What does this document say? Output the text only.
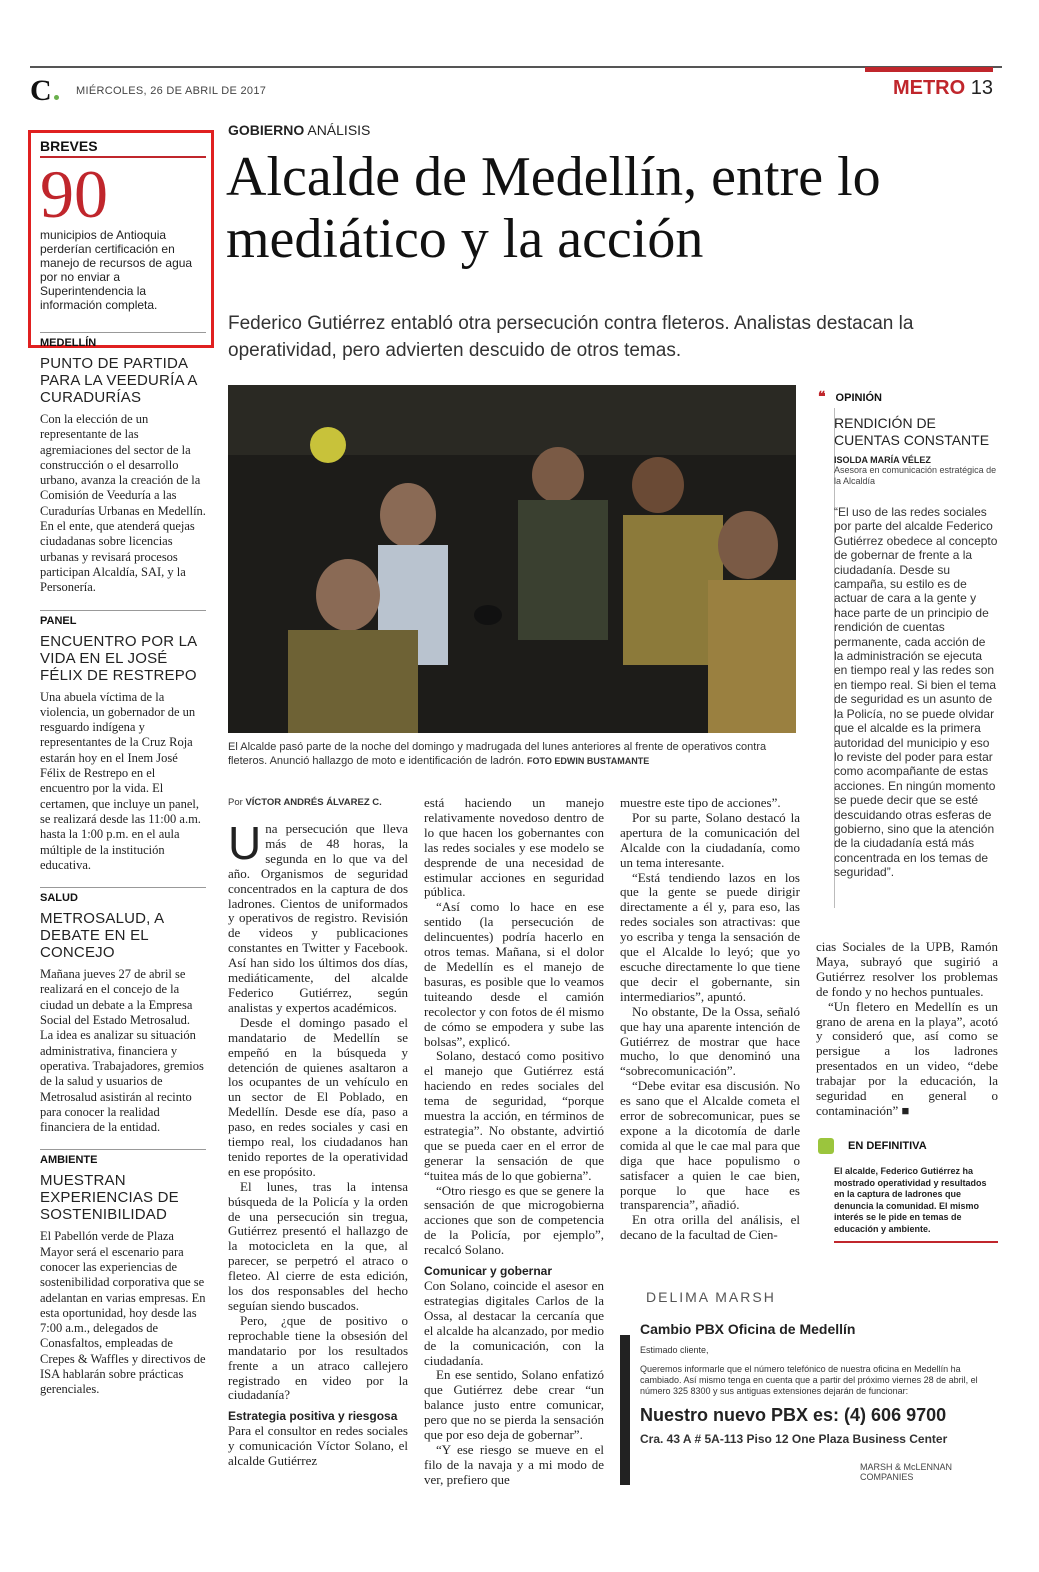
C	MIÉRCOLES, 26 DE ABRIL DE 2017	METRO 13
BREVES
90
municipios de Antioquia perderían certificación en manejo de recursos de agua por no enviar a Superintendencia la información completa.
MEDELLÍN
PUNTO DE PARTIDA PARA LA VEEDURÍA A CURADURÍAS
Con la elección de un representante de las agremiaciones del sector de la construcción o el desarrollo urbano, avanza la creación de la Comisión de Veeduría a las Curadurías Urbanas en Medellín. En el ente, que atenderá quejas ciudadanas sobre licencias urbanas y revisará procesos participan Alcaldía, SAI, y la Personería.
PANEL
ENCUENTRO POR LA VIDA EN EL JOSÉ FÉLIX DE RESTREPO
Una abuela víctima de la violencia, un gobernador de un resguardo indígena y representantes de la Cruz Roja estarán hoy en el Inem José Félix de Restrepo en el encuentro por la vida. El certamen, que incluye un panel, se realizará desde las 11:00 a.m. hasta la 1:00 p.m. en el aula múltiple de la institución educativa.
SALUD
METROSALUD, A DEBATE EN EL CONCEJO
Mañana jueves 27 de abril se realizará en el concejo de la ciudad un debate a la Empresa Social del Estado Metrosalud. La idea es analizar su situación administrativa, financiera y operativa. Trabajadores, gremios de la salud y usuarios de Metrosalud asistirán al recinto para conocer la realidad financiera de la entidad.
AMBIENTE
MUESTRAN EXPERIENCIAS DE SOSTENIBILIDAD
El Pabellón verde de Plaza Mayor será el escenario para conocer las experiencias de sostenibilidad corporativa que se adelantan en varias empresas. En esta oportunidad, hoy desde las 7:00 a.m., delegados de Conasfaltos, empleadas de Crepes & Waffles y directivos de ISA hablarán sobre prácticas gerenciales.
GOBIERNO ANÁLISIS
Alcalde de Medellín, entre lo mediático y la acción
Federico Gutiérrez entabló otra persecución contra fleteros. Analistas destacan la operatividad, pero advierten descuido de otros temas.
El Alcalde pasó parte de la noche del domingo y madrugada del lunes anteriores al frente de operativos contra fleteros. Anunció hallazgo de moto e identificación de ladrón. FOTO EDWIN BUSTAMANTE
Por VÍCTOR ANDRÉS ÁLVAREZ C.

Una persecución que lleva más de 48 horas, la segunda en lo que va del año. Organismos de seguridad concentrados en la captura de dos ladrones. Cientos de uniformados y operativos de registro. Revisión de videos y publicaciones constantes en Twitter y Facebook. Así han sido los últimos dos días, mediáticamente, del alcalde Federico Gutiérrez, según analistas y expertos académicos.

Desde el domingo pasado el mandatario de Medellín se empeñó en la búsqueda y detención de quienes asaltaron a los ocupantes de un vehículo en un sector de El Poblado, en Medellín. Desde ese día, paso a paso, en redes sociales y casi en tiempo real, los ciudadanos han tenido reportes de la operatividad en ese propósito.

El lunes, tras la intensa búsqueda de la Policía y la orden de una persecución sin tregua, Gutiérrez presentó el hallazgo de la motocicleta en la que, al parecer, se perpetró el atraco o fleteo. Al cierre de esta edición, los dos responsables del hecho seguían siendo buscados.

Pero, ¿que de positivo o reprochable tiene la obsesión del mandatario por los resultados frente a un atraco callejero registrado en video por la ciudadanía?

Estrategia positiva y riesgosa

Para el consultor en redes sociales y comunicación Víctor Solano, el alcalde Gutiérrez

está haciendo un manejo relativamente novedoso dentro de lo que hacen los gobernantes con las redes sociales y ese modelo se desprende de una necesidad de estimular acciones en seguridad pública.

“Así como lo hace en ese sentido (la persecución de delincuentes) podría hacerlo en otros temas. Mañana, si el dolor de Medellín es el manejo de basuras, es posible que lo veamos tuiteando desde el camión recolector y con fotos de él mismo de cómo se empodera y sube las bolsas”, explicó.

Solano, destacó como positivo el manejo que Gutiérrez está haciendo en redes sociales del tema de seguridad, “porque muestra la acción, en términos de estrategia”. No obstante, advirtió que se pueda caer en el error de generar la sensación de que “tuitea más de lo que gobierna”.

“Otro riesgo es que se genere la sensación de que microgobierna acciones que son de competencia de la Policía, por ejemplo”, recalcó Solano.

Comunicar y gobernar

Con Solano, coincide el asesor en estrategias digitales Carlos de la Ossa, al destacar la cercanía que el alcalde ha alcanzado, por medio de la comunicación, con la ciudadanía.

En ese sentido, Solano enfatizó que Gutiérrez debe crear “un balance justo entre comunicar, pero que no se pierda la sensación que por eso deja de gobernar”.

“Y ese riesgo se mueve en el filo de la navaja y a mi modo de ver, prefiero que

muestre este tipo de acciones”.

Por su parte, Solano destacó la apertura de la comunicación del Alcalde con la ciudadanía, como un tema interesante.

“Está tendiendo lazos en los que la gente se puede dirigir directamente a él y, para eso, las redes sociales son atractivas: que yo escriba y tenga la sensación de que el Alcalde lo leyó; que yo escuche directamente lo que tiene que decir el gobernante, sin intermediarios”, apuntó.

No obstante, De la Ossa, señaló que hay una aparente intención de Gutiérrez de mostrar que hace mucho, lo que denominó una “sobrecomunicación”.

“Debe evitar esa discusión. No es sano que el Alcalde cometa el error de sobrecomunicar, pues se expone a la dicotomía de darle comida al que le cae mal para que diga que hace populismo o satisfacer a quien le cae bien, porque lo que hace es transparencia”, añadió.

En otra orilla del análisis, el decano de la facultad de Cien-

cias Sociales de la UPB, Ramón Maya, subrayó que sugirió a Gutiérrez resolver los problemas de fondo y no hechos puntuales.

“Un fletero en Medellín es un grano de arena en la playa”, acotó y consideró que, así como se persigue a los ladrones presentados en un video, “debe trabajar por la educación, la seguridad en general o contaminación” ■

❝ OPINIÓN
RENDICIÓN DE CUENTAS CONSTANTE
ISOLDA MARÍA VÉLEZ
Asesora en comunicación estratégica de la Alcaldía
“El uso de las redes sociales por parte del alcalde Federico Gutiérrez obedece al concepto de gobernar de frente a la ciudadanía. Desde su campaña, su estilo es de actuar de cara a la gente y hace parte de un principio de rendición de cuentas permanente, cada acción de la administración se ejecuta en tiempo real y las redes son en tiempo real. Si bien el tema de seguridad es un asunto de la Policía, no se puede olvidar que el alcalde es la primera autoridad del municipio y eso lo reviste del poder para estar como acompañante de estas acciones. En ningún momento se puede decir que se esté descuidando otras esferas de gobierno, sino que la atención de la ciudadanía está más concentrada en los temas de seguridad”.
EN DEFINITIVA
El alcalde, Federico Gutiérrez ha mostrado operatividad y resultados en la captura de ladrones que denuncia la comunidad. El mismo interés se le pide en temas de educación y ambiente.
DELIMA MARSH
Cambio PBX Oficina de Medellín
Estimado cliente,
Queremos informarle que el número telefónico de nuestra oficina en Medellín ha cambiado. Así mismo tenga en cuenta que a partir del próximo viernes 28 de abril, el número 325 8300 y sus antiguas extensiones dejarán de funcionar:
Nuestro nuevo PBX es: (4) 606 9700
Cra. 43 A # 5A-113 Piso 12 One Plaza Business Center
MARSH & McLENNAN COMPANIES
